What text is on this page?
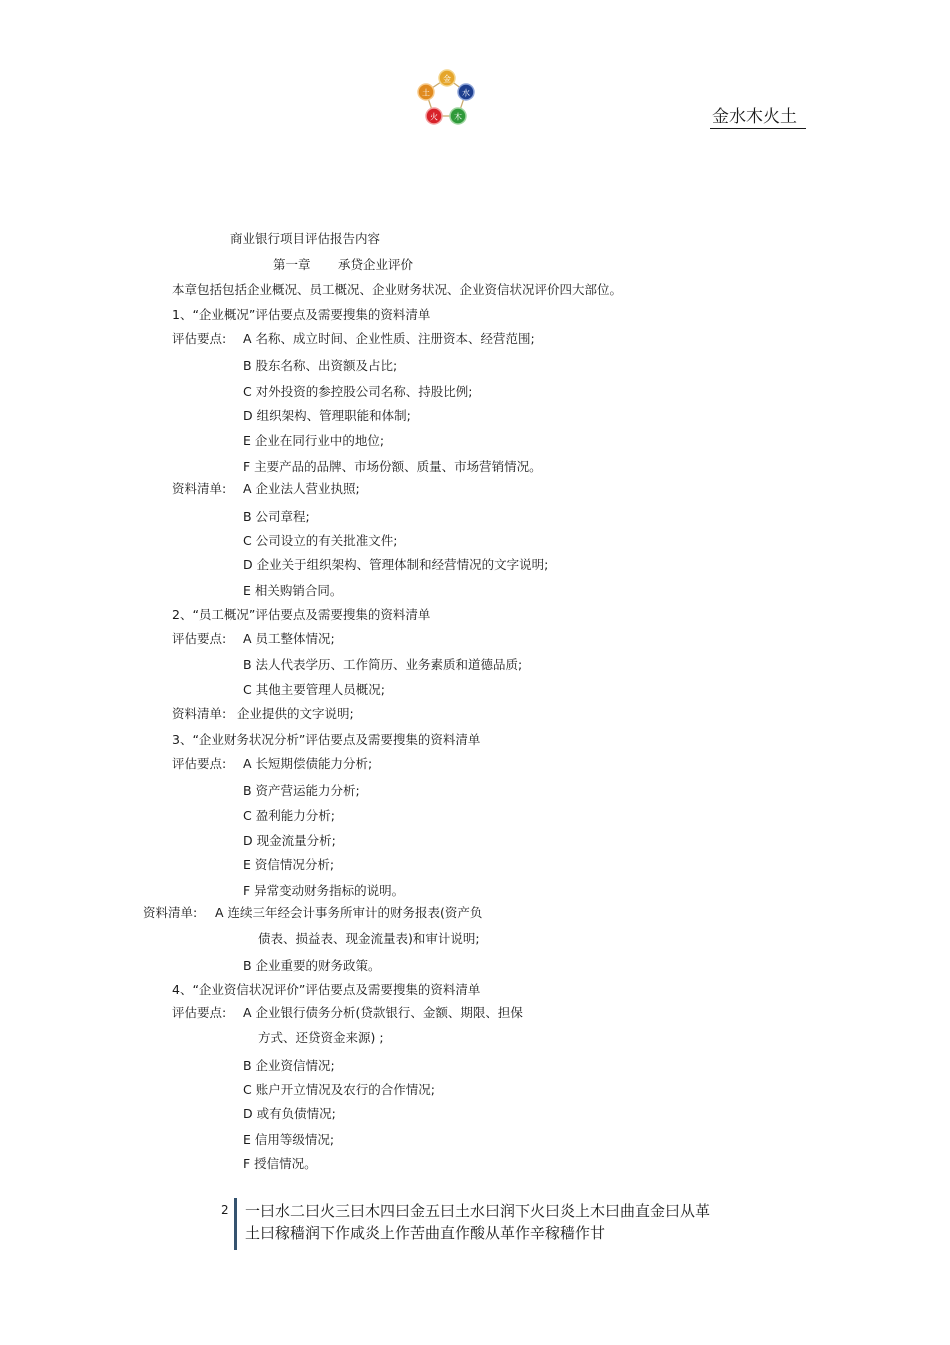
金
水
木
火
土
金水木火土
商业银行项目评估报告内容
第一章 承贷企业评价
本章包括包括企业概况、员工概况、企业财务状况、企业资信状况评价四大部位。
1、“企业概况”评估要点及需要搜集的资料清单
评估要点: A 名称、成立时间、企业性质、注册资本、经营范围;
B 股东名称、出资额及占比;
C 对外投资的参控股公司名称、持股比例;
D 组织架构、管理职能和体制;
E 企业在同行业中的地位;
F 主要产品的品牌、市场份额、质量、市场营销情况。
资料清单: A 企业法人营业执照;
B 公司章程;
C 公司设立的有关批准文件;
D 企业关于组织架构、管理体制和经营情况的文字说明;
E 相关购销合同。
2、“员工概况”评估要点及需要搜集的资料清单
评估要点: A 员工整体情况;
B 法人代表学历、工作简历、业务素质和道德品质;
C 其他主要管理人员概况;
资料清单: 企业提供的文字说明;
3、“企业财务状况分析”评估要点及需要搜集的资料清单
评估要点: A 长短期偿债能力分析;
B 资产营运能力分析;
C 盈利能力分析;
D 现金流量分析;
E 资信情况分析;
F 异常变动财务指标的说明。
资料清单: A 连续三年经会计事务所审计的财务报表(资产负
债表、损益表、现金流量表)和审计说明;
B 企业重要的财务政策。
4、“企业资信状况评价”评估要点及需要搜集的资料清单
评估要点: A 企业银行债务分析(贷款银行、金额、期限、担保
方式、还贷资金来源) ;
B 企业资信情况;
C 账户开立情况及农行的合作情况;
D 或有负债情况;
E 信用等级情况;
F 授信情况。
2 一曰水二曰火三曰木四曰金五曰土水曰润下火曰炎上木曰曲直金曰从革
土曰稼穑润下作咸炎上作苦曲直作酸从革作辛稼穑作甘
